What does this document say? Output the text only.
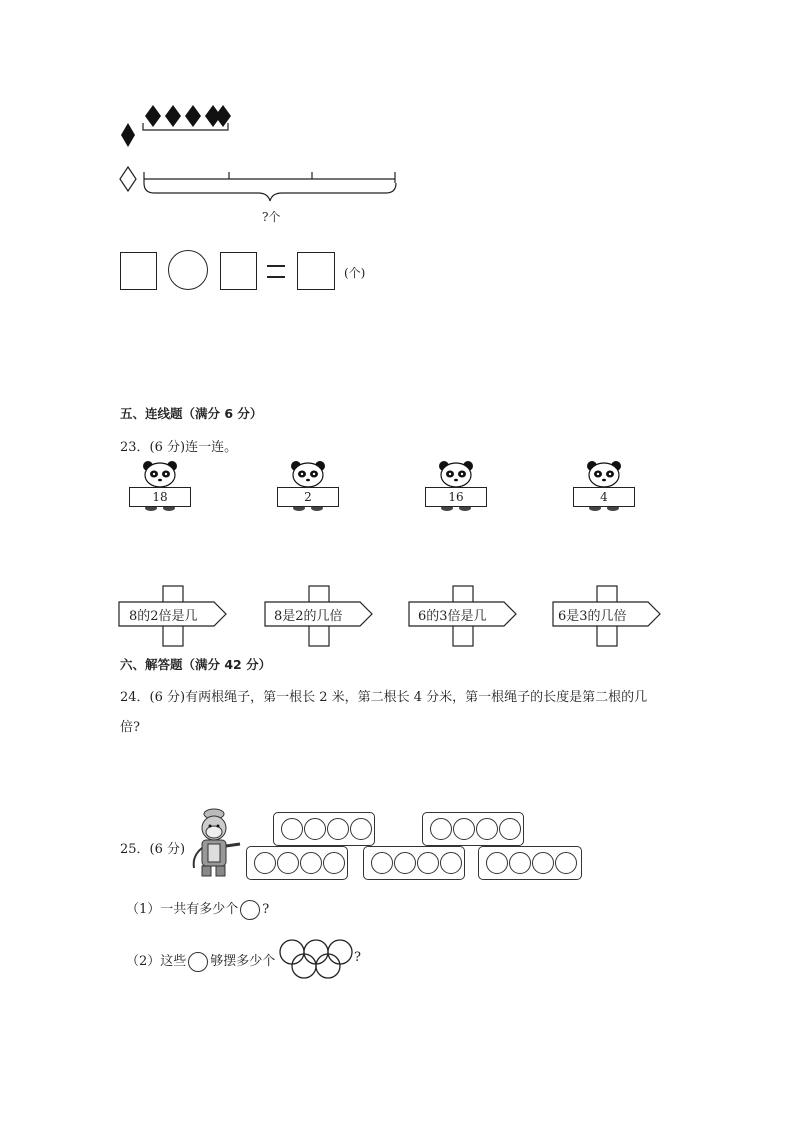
?个
(个)
五、连线题（满分 6 分）
23．(6 分)连一连。
18	2	16	4
8的2倍是几	8是2的几倍	6的3倍是几	6是3的几倍
六、解答题（满分 42 分）
24．(6 分)有两根绳子，第一根长 2 米，第二根长 4 分米，第一根绳子的长度是第二根的几
倍?
25．(6 分)
（1）一共有多少个 ?
（2）这些 够摆多少个	?
